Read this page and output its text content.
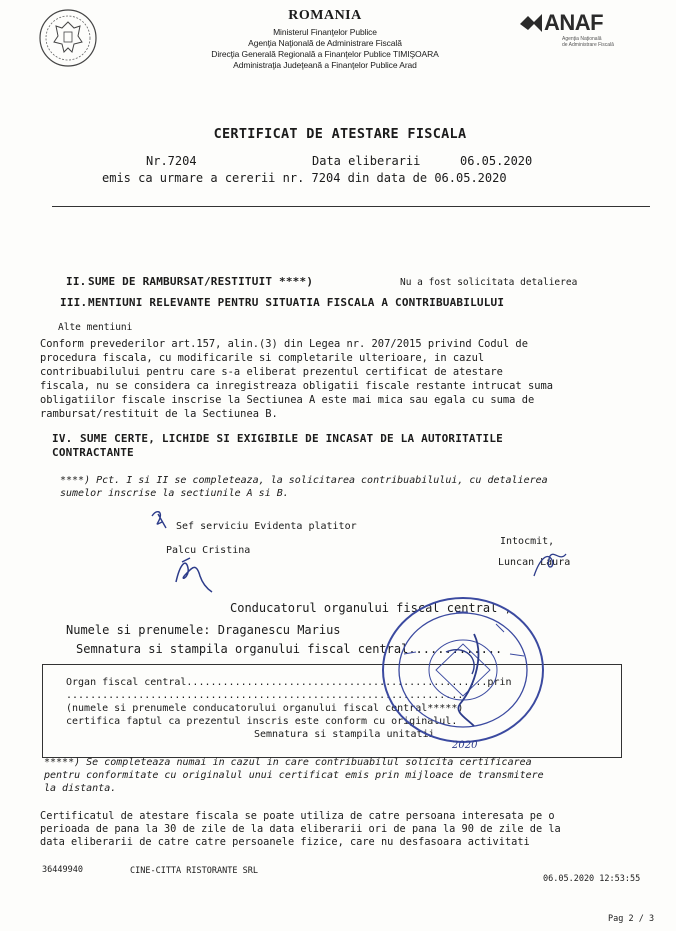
ROMANIA
Ministerul Finanţelor Publice
Agenţia Naţională de Administrare Fiscală
Direcţia Generală Regională a Finanţelor Publice TIMIŞOARA
Administraţia Judeţeană a Finanţelor Publice Arad
ANAF
Agenţia Naţională
de Administrare Fiscală
CERTIFICAT DE ATESTARE FISCALA
Nr.7204	Data eliberarii	06.05.2020
emis ca urmare a cererii nr. 7204 din data de 06.05.2020
II. SUME DE RAMBURSAT/RESTITUIT ****)	Nu a fost solicitata detalierea
III. MENTIUNI RELEVANTE PENTRU SITUATIA FISCALA A CONTRIBUABILULUI
Alte mentiuni
Conform prevederilor art.157, alin.(3) din Legea nr. 207/2015 privind Codul de
procedura fiscala, cu modificarile si completarile ulterioare, in cazul
contribuabilului pentru care s-a eliberat prezentul certificat de atestare
fiscala, nu se considera ca inregistreaza obligatii fiscale restante intrucat suma
obligatiilor fiscale inscrise la Sectiunea A este mai mica sau egala cu suma de
rambursat/restituit de la Sectiunea B.
IV. SUME CERTE, LICHIDE SI EXIGIBILE DE INCASAT DE LA AUTORITATILE
CONTRACTANTE
****) Pct. I si II se completeaza, la solicitarea contribuabilului, cu detalierea
sumelor inscrise la sectiunile A si B.
Sef serviciu Evidenta platitor
Palcu Cristina
Intocmit,
Luncan Laura
Conducatorul organului fiscal central ,
Numele si prenumele: Draganescu Marius
Semnatura si stampila organului fiscal central.............
Organ fiscal central..................................................prin
..................................................................
(numele si prenumele conducatorului organului fiscal central*****)
certifica faptul ca prezentul inscris este conform cu originalul.
Semnatura si stampila unitatii
2020
*****) Se completeaza numai in cazul in care contribuabilul solicita certificarea
pentru conformitate cu originalul unui certificat emis prin mijloace de transmitere
la distanta.
Certificatul de atestare fiscala se poate utiliza de catre persoana interesata pe o
perioada de pana la 30 de zile de la data eliberarii ori de pana la 90 de zile de la
data eliberarii de catre catre persoanele fizice, care nu desfasoara activitati
36449940	CINE-CITTA RISTORANTE SRL
06.05.2020 12:53:55
Pag 2 / 3
